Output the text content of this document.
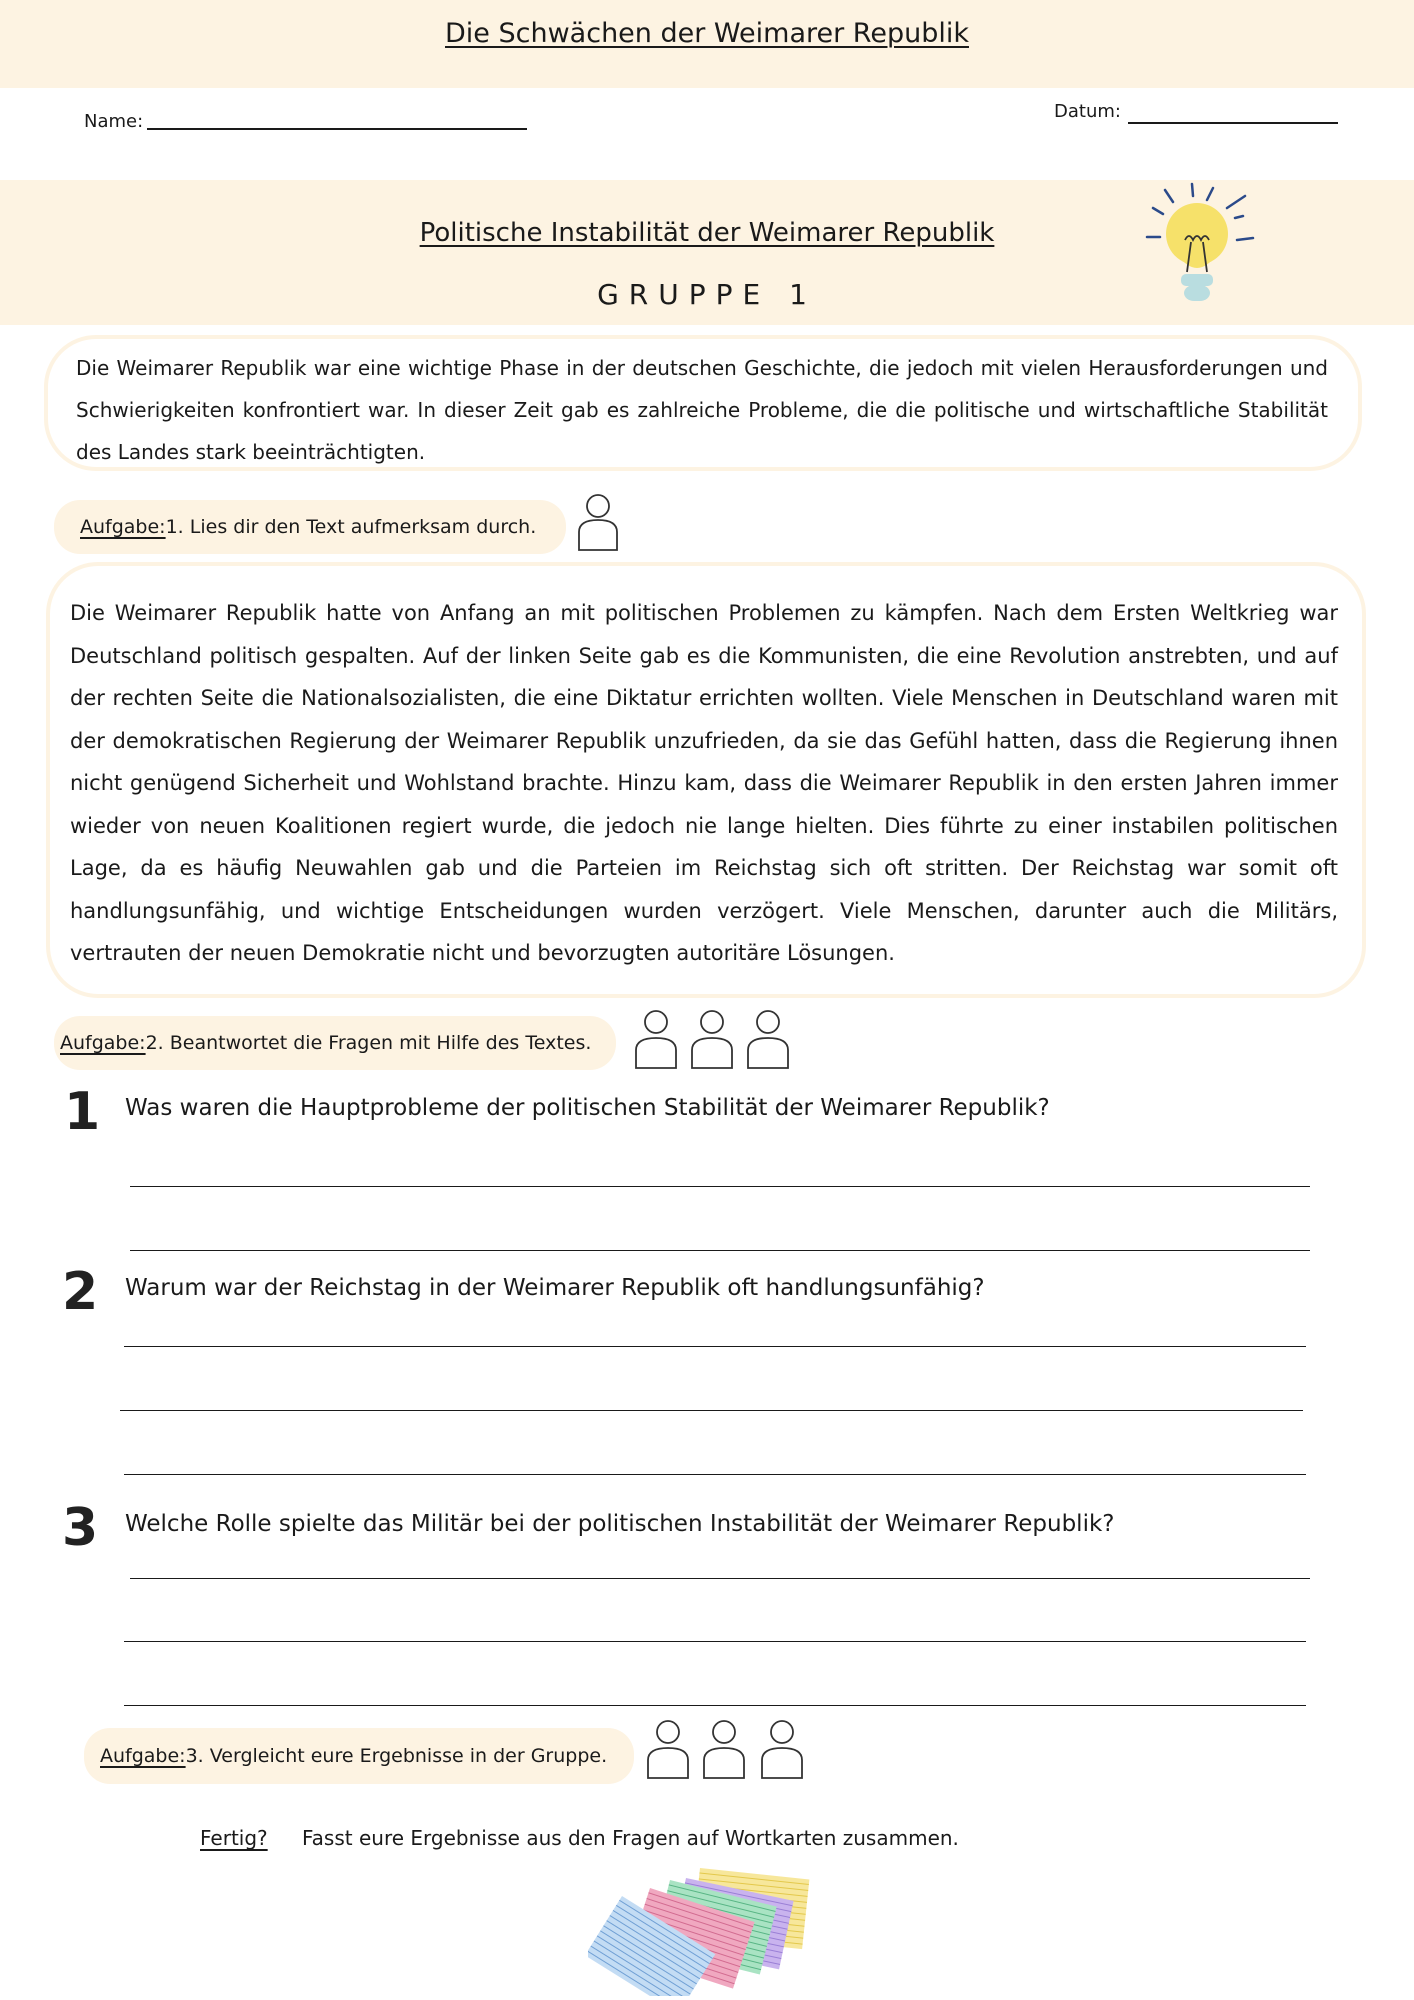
Die Schwächen der Weimarer Republik
Name:	Datum:
Politische Instabilität der Weimarer Republik
GRUPPE 1

Die Weimarer Republik war eine wichtige Phase in der deutschen Geschichte, die jedoch mit vielen Herausforderungen und Schwierigkeiten konfrontiert war. In dieser Zeit gab es zahlreiche Probleme, die die politische und wirtschaftliche Stabilität des Landes stark beeinträchtigten.

Aufgabe: 1. Lies dir den Text aufmerksam durch.

Die Weimarer Republik hatte von Anfang an mit politischen Problemen zu kämpfen. Nach dem Ersten Weltkrieg war Deutschland politisch gespalten. Auf der linken Seite gab es die Kommunisten, die eine Revolution anstrebten, und auf der rechten Seite die Nationalsozialisten, die eine Diktatur errichten wollten. Viele Menschen in Deutschland waren mit der demokratischen Regierung der Weimarer Republik unzufrieden, da sie das Gefühl hatten, dass die Regierung ihnen nicht genügend Sicherheit und Wohlstand brachte. Hinzu kam, dass die Weimarer Republik in den ersten Jahren immer wieder von neuen Koalitionen regiert wurde, die jedoch nie lange hielten. Dies führte zu einer instabilen politischen Lage, da es häufig Neuwahlen gab und die Parteien im Reichstag sich oft stritten. Der Reichstag war somit oft handlungsunfähig, und wichtige Entscheidungen wurden verzögert. Viele Menschen, darunter auch die Militärs, vertrauten der neuen Demokratie nicht und bevorzugten autoritäre Lösungen.

Aufgabe: 2. Beantwortet die Fragen mit Hilfe des Textes.
1 Was waren die Hauptprobleme der politischen Stabilität der Weimarer Republik?
2 Warum war der Reichstag in der Weimarer Republik oft handlungsunfähig?
3 Welche Rolle spielte das Militär bei der politischen Instabilität der Weimarer Republik?
Aufgabe: 3. Vergleicht eure Ergebnisse in der Gruppe.
Fertig? Fasst eure Ergebnisse aus den Fragen auf Wortkarten zusammen.
